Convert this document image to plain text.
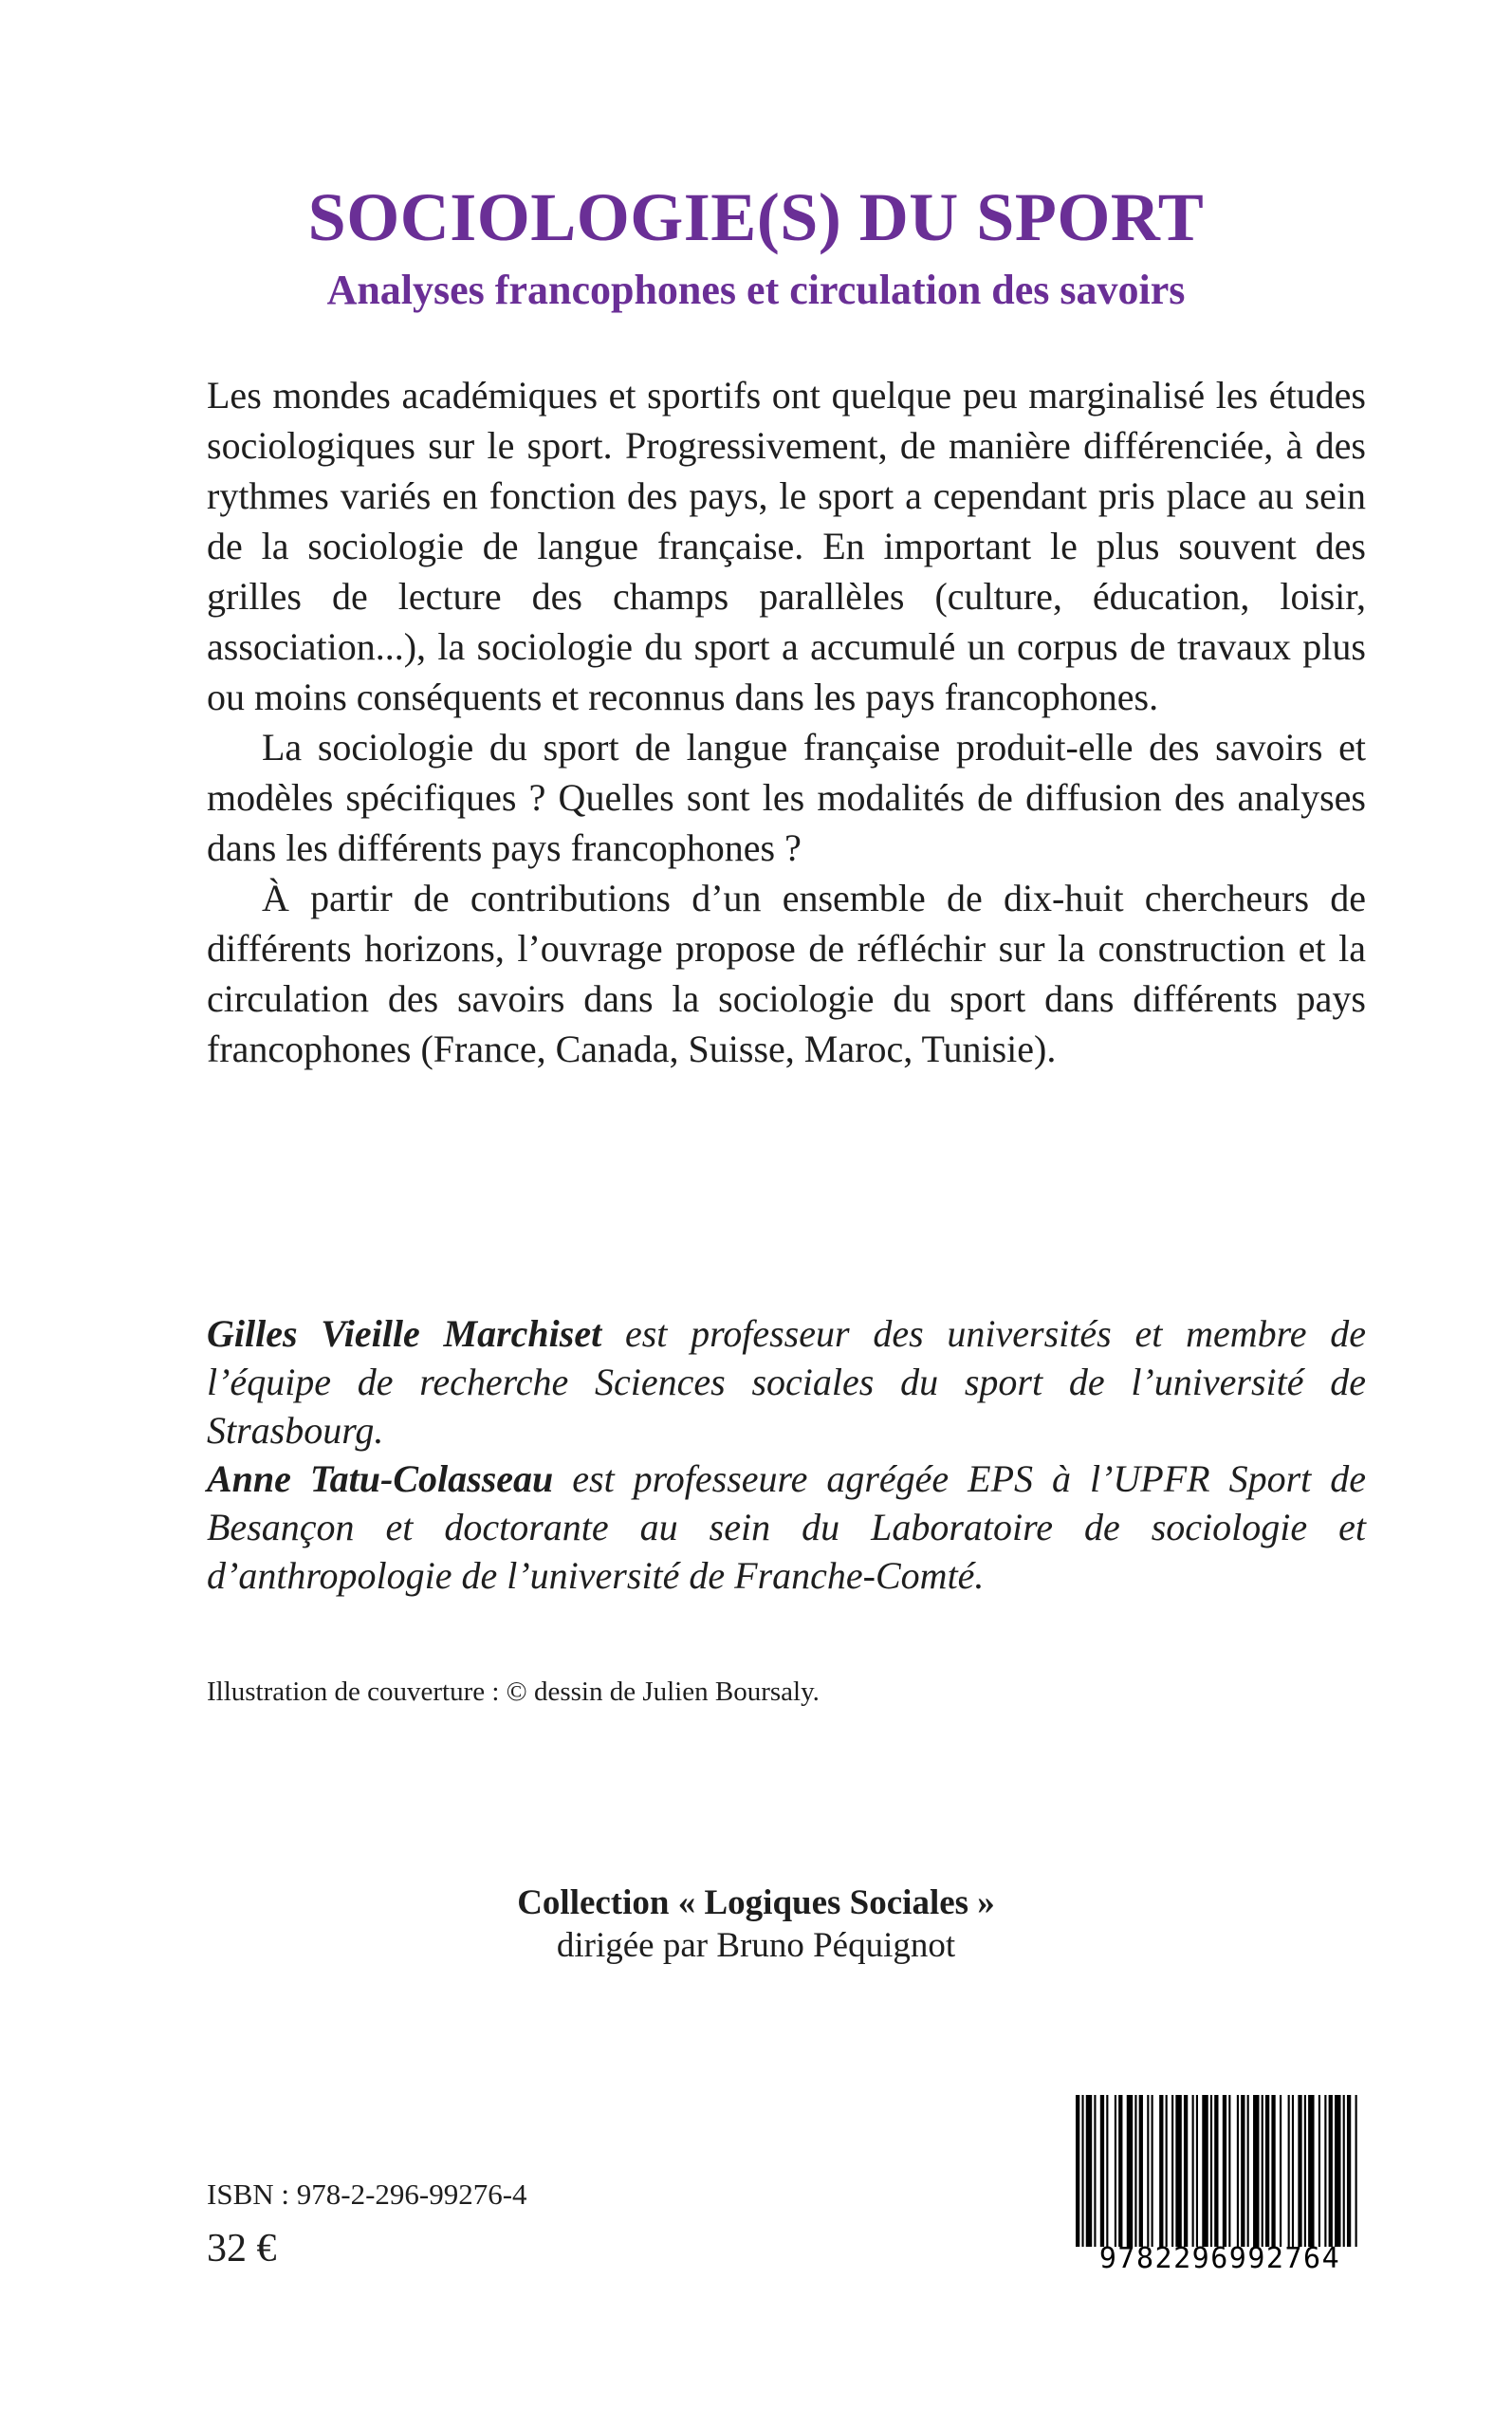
SOCIOLOGIE(S) DU SPORT
Analyses francophones et circulation des savoirs

Les mondes académiques et sportifs ont quelque peu marginalisé les études sociologiques sur le sport. Progressivement, de manière différenciée, à des rythmes variés en fonction des pays, le sport a cependant pris place au sein de la sociologie de langue française. En important le plus souvent des grilles de lecture des champs parallèles (culture, éducation, loisir, association...), la sociologie du sport a accumulé un corpus de travaux plus ou moins conséquents et reconnus dans les pays francophones.

La sociologie du sport de langue française produit-elle des savoirs et modèles spécifiques ? Quelles sont les modalités de diffusion des analyses dans les différents pays francophones ?

À partir de contributions d’un ensemble de dix-huit chercheurs de différents horizons, l’ouvrage propose de réfléchir sur la construction et la circulation des savoirs dans la sociologie du sport dans différents pays francophones (France, Canada, Suisse, Maroc, Tunisie).

Gilles Vieille Marchiset est professeur des universités et membre de l’équipe de recherche Sciences sociales du sport de l’université de Strasbourg.

Anne Tatu-Colasseau est professeure agrégée EPS à l’UPFR Sport de Besançon et doctorante au sein du Laboratoire de sociologie et d’anthropologie de l’université de Franche-Comté.

Illustration de couverture : © dessin de Julien Boursaly.
Collection « Logiques Sociales »
dirigée par Bruno Péquignot
ISBN : 978-2-296-99276-4
32 €	9782296992764
